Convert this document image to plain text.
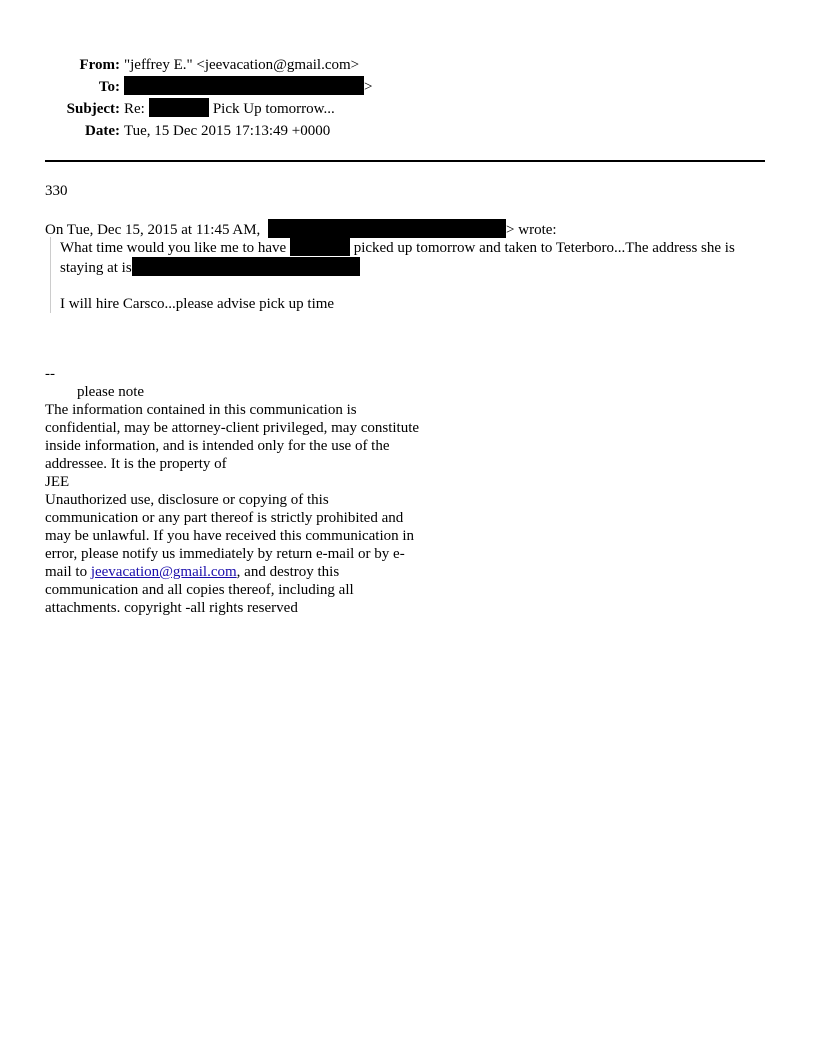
From: "jeffrey E." <jeevacation@gmail.com>
To:	>
Subject: Re:	Pick Up tomorrow...
Date: Tue, 15 Dec 2015 17:13:49 +0000
330
On Tue, Dec 15, 2015 at 11:45 AM,	> wrote:

What time would you like me to have	picked up tomorrow and taken to Teterboro...The address she is staying at is

I will hire Carsco...please advise pick up time

--
please note
The information contained in this communication is confidential, may be attorney-client privileged, may constitute inside information, and is intended only for the use of the addressee. It is the property of
JEE
Unauthorized use, disclosure or copying of this communication or any part thereof is strictly prohibited and may be unlawful. If you have received this communication in error, please notify us immediately by return e-mail or by e-mail to jeevacation@gmail.com, and destroy this communication and all copies thereof, including all attachments. copyright -all rights reserved
